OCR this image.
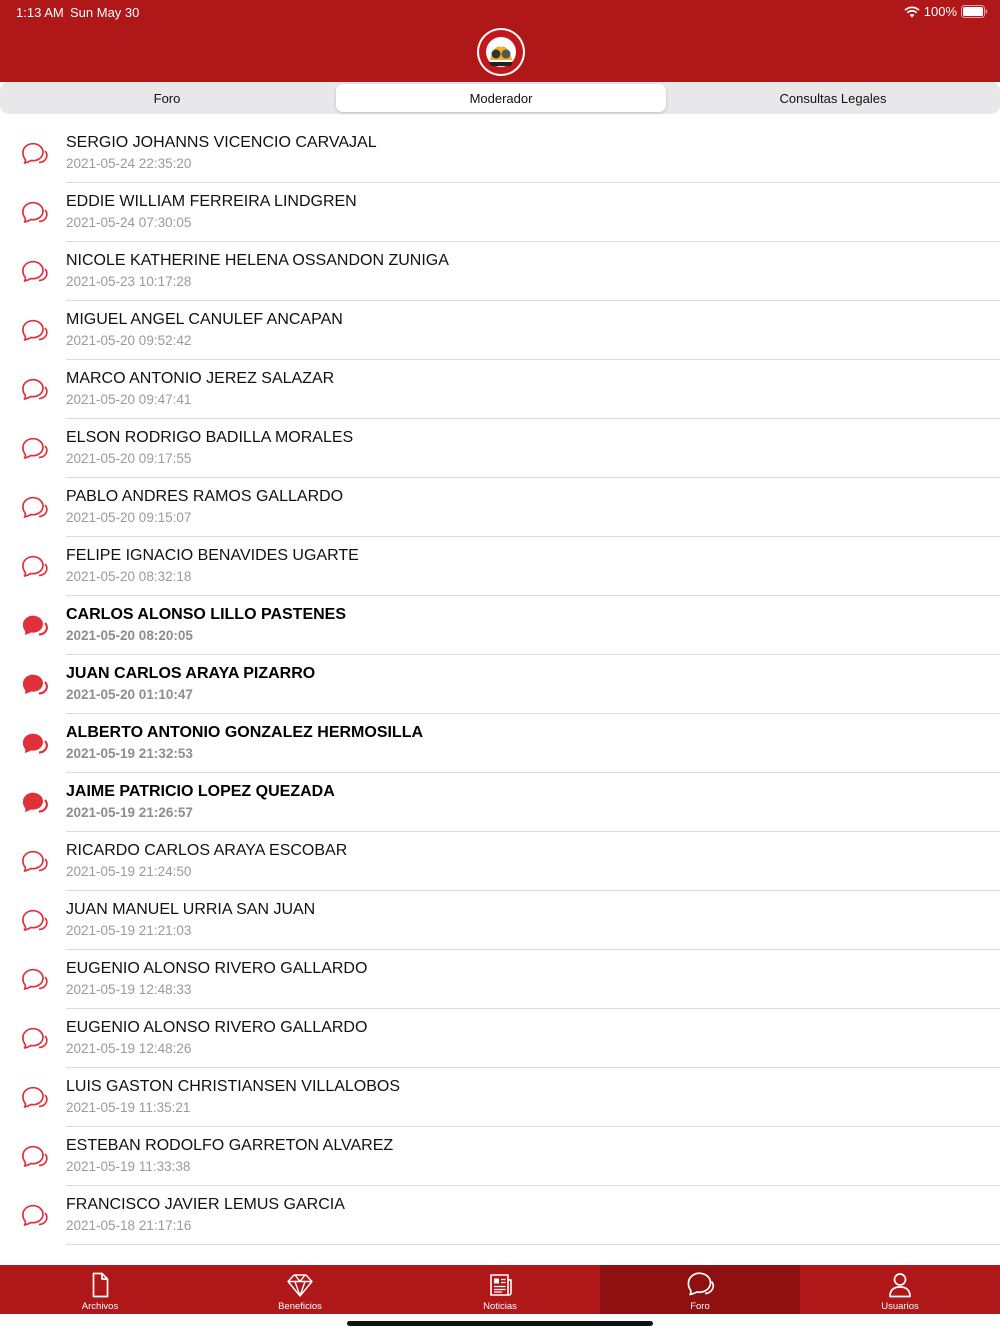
1:13 AM Sun May 30	100%
Foro	Moderador	Consultas Legales
SERGIO JOHANNS VICENCIO CARVAJAL
2021-05-24 22:35:20
EDDIE WILLIAM FERREIRA LINDGREN
2021-05-24 07:30:05
NICOLE KATHERINE HELENA OSSANDON ZUNIGA
2021-05-23 10:17:28
MIGUEL ANGEL CANULEF ANCAPAN
2021-05-20 09:52:42
MARCO ANTONIO JEREZ SALAZAR
2021-05-20 09:47:41
ELSON RODRIGO BADILLA MORALES
2021-05-20 09:17:55
PABLO ANDRES RAMOS GALLARDO
2021-05-20 09:15:07
FELIPE IGNACIO BENAVIDES UGARTE
2021-05-20 08:32:18
CARLOS ALONSO LILLO PASTENES
2021-05-20 08:20:05
JUAN CARLOS ARAYA PIZARRO
2021-05-20 01:10:47
ALBERTO ANTONIO GONZALEZ HERMOSILLA
2021-05-19 21:32:53
JAIME PATRICIO LOPEZ QUEZADA
2021-05-19 21:26:57
RICARDO CARLOS ARAYA ESCOBAR
2021-05-19 21:24:50
JUAN MANUEL URRIA SAN JUAN
2021-05-19 21:21:03
EUGENIO ALONSO RIVERO GALLARDO
2021-05-19 12:48:33
EUGENIO ALONSO RIVERO GALLARDO
2021-05-19 12:48:26
LUIS GASTON CHRISTIANSEN VILLALOBOS
2021-05-19 11:35:21
ESTEBAN RODOLFO GARRETON ALVAREZ
2021-05-19 11:33:38
FRANCISCO JAVIER LEMUS GARCIA
2021-05-18 21:17:16
Archivos	Beneficios	Noticias	Foro	Usuarios
